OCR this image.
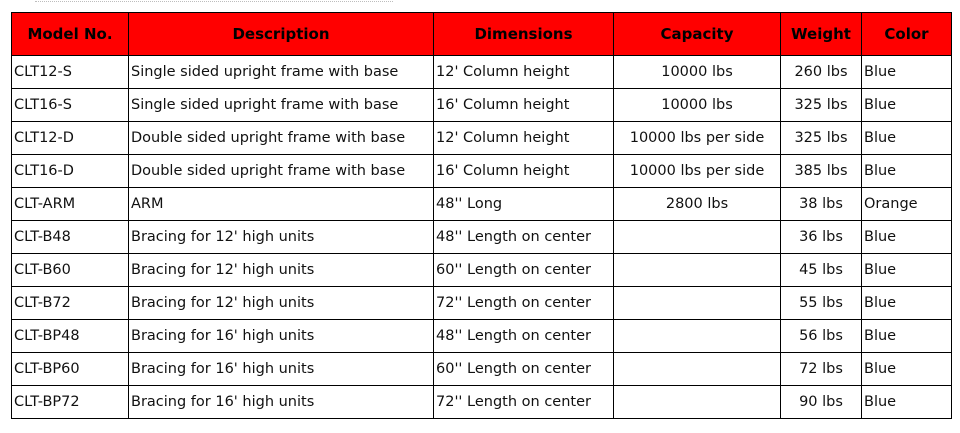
Model No.	Description	Dimensions	Capacity	Weight	Color
CLT12-S	Single sided upright frame with base	12' Column height	10000 lbs	260 lbs	Blue
CLT16-S	Single sided upright frame with base	16' Column height	10000 lbs	325 lbs	Blue
CLT12-D	Double sided upright frame with base	12' Column height	10000 lbs per side	325 lbs	Blue
CLT16-D	Double sided upright frame with base	16' Column height	10000 lbs per side	385 lbs	Blue
CLT-ARM	ARM	48'' Long	2800 lbs	38 lbs	Orange
CLT-B48	Bracing for 12' high units	48'' Length on center		36 lbs	Blue
CLT-B60	Bracing for 12' high units	60'' Length on center		45 lbs	Blue
CLT-B72	Bracing for 12' high units	72'' Length on center		55 lbs	Blue
CLT-BP48	Bracing for 16' high units	48'' Length on center		56 lbs	Blue
CLT-BP60	Bracing for 16' high units	60'' Length on center		72 lbs	Blue
CLT-BP72	Bracing for 16' high units	72'' Length on center		90 lbs	Blue
